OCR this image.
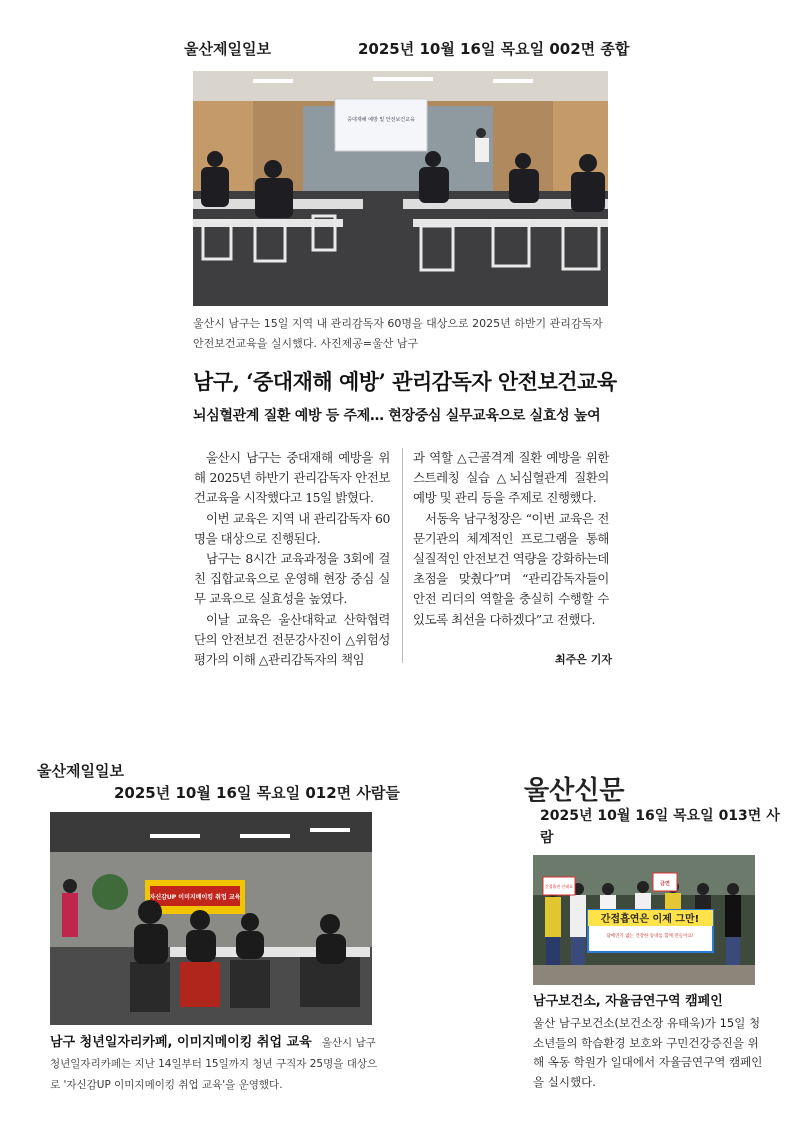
울산제일일보	2025년 10월 16일 목요일 002면 종합
중대재해 예방 및 안전보건교육
울산시 남구는 15일 지역 내 관리감독자 60명을 대상으로 2025년 하반기 관리감독자 안전보건교육을 실시했다. 사진제공=울산 남구
남구, ‘중대재해 예방’ 관리감독자 안전보건교육
뇌심혈관계 질환 예방 등 주제… 현장중심 실무교육으로 실효성 높여

울산시 남구는 중대재해 예방을 위해 2025년 하반기 관리감독자 안전보건교육을 시작했다고 15일 밝혔다.

이번 교육은 지역 내 관리감독자 60명을 대상으로 진행된다.

남구는 8시간 교육과정을 3회에 걸친 집합교육으로 운영해 현장 중심 실무 교육으로 실효성을 높였다.

이날 교육은 울산대학교 산학협력단의 안전보건 전문강사진이 △위험성평가의 이해 △관리감독자의 책임

과 역할 △근골격계 질환 예방을 위한 스트레칭 실습 △뇌심혈관계 질환의 예방 및 관리 등을 주제로 진행했다.

서동욱 남구청장은 “이번 교육은 전문기관의 체계적인 프로그램을 통해 실질적인 안전보건 역량을 강화하는데 초점을 맞췄다”며 “관리감독자들이 안전 리더의 역할을 충실히 수행할 수 있도록 최선을 다하겠다”고 전했다.

최주은 기자
울산제일일보
2025년 10월 16일 목요일 012면 사람들
자신감UP 이미지메이킹 취업 교육
남구 청년일자리카페, 이미지메이킹 취업 교육 울산시 남구 청년일자리카페는 지난 14일부터 15일까지 청년 구직자 25명을 대상으로 '자신감UP 이미지메이킹 취업 교육'을 운영했다.
울산신문
2025년 10월 16일 목요일 013면 사람
간접흡연 안돼요	금연
간접흡연은 이제 그만!
담배연기 없는 건강한 동네를 함께 만들어요!
남구보건소, 자율금연구역 캠페인
울산 남구보건소(보건소장 유태욱)가 15일 청소년들의 학습환경 보호와 구민건강증진을 위해 옥동 학원가 일대에서 자율금연구역 캠페인을 실시했다.
